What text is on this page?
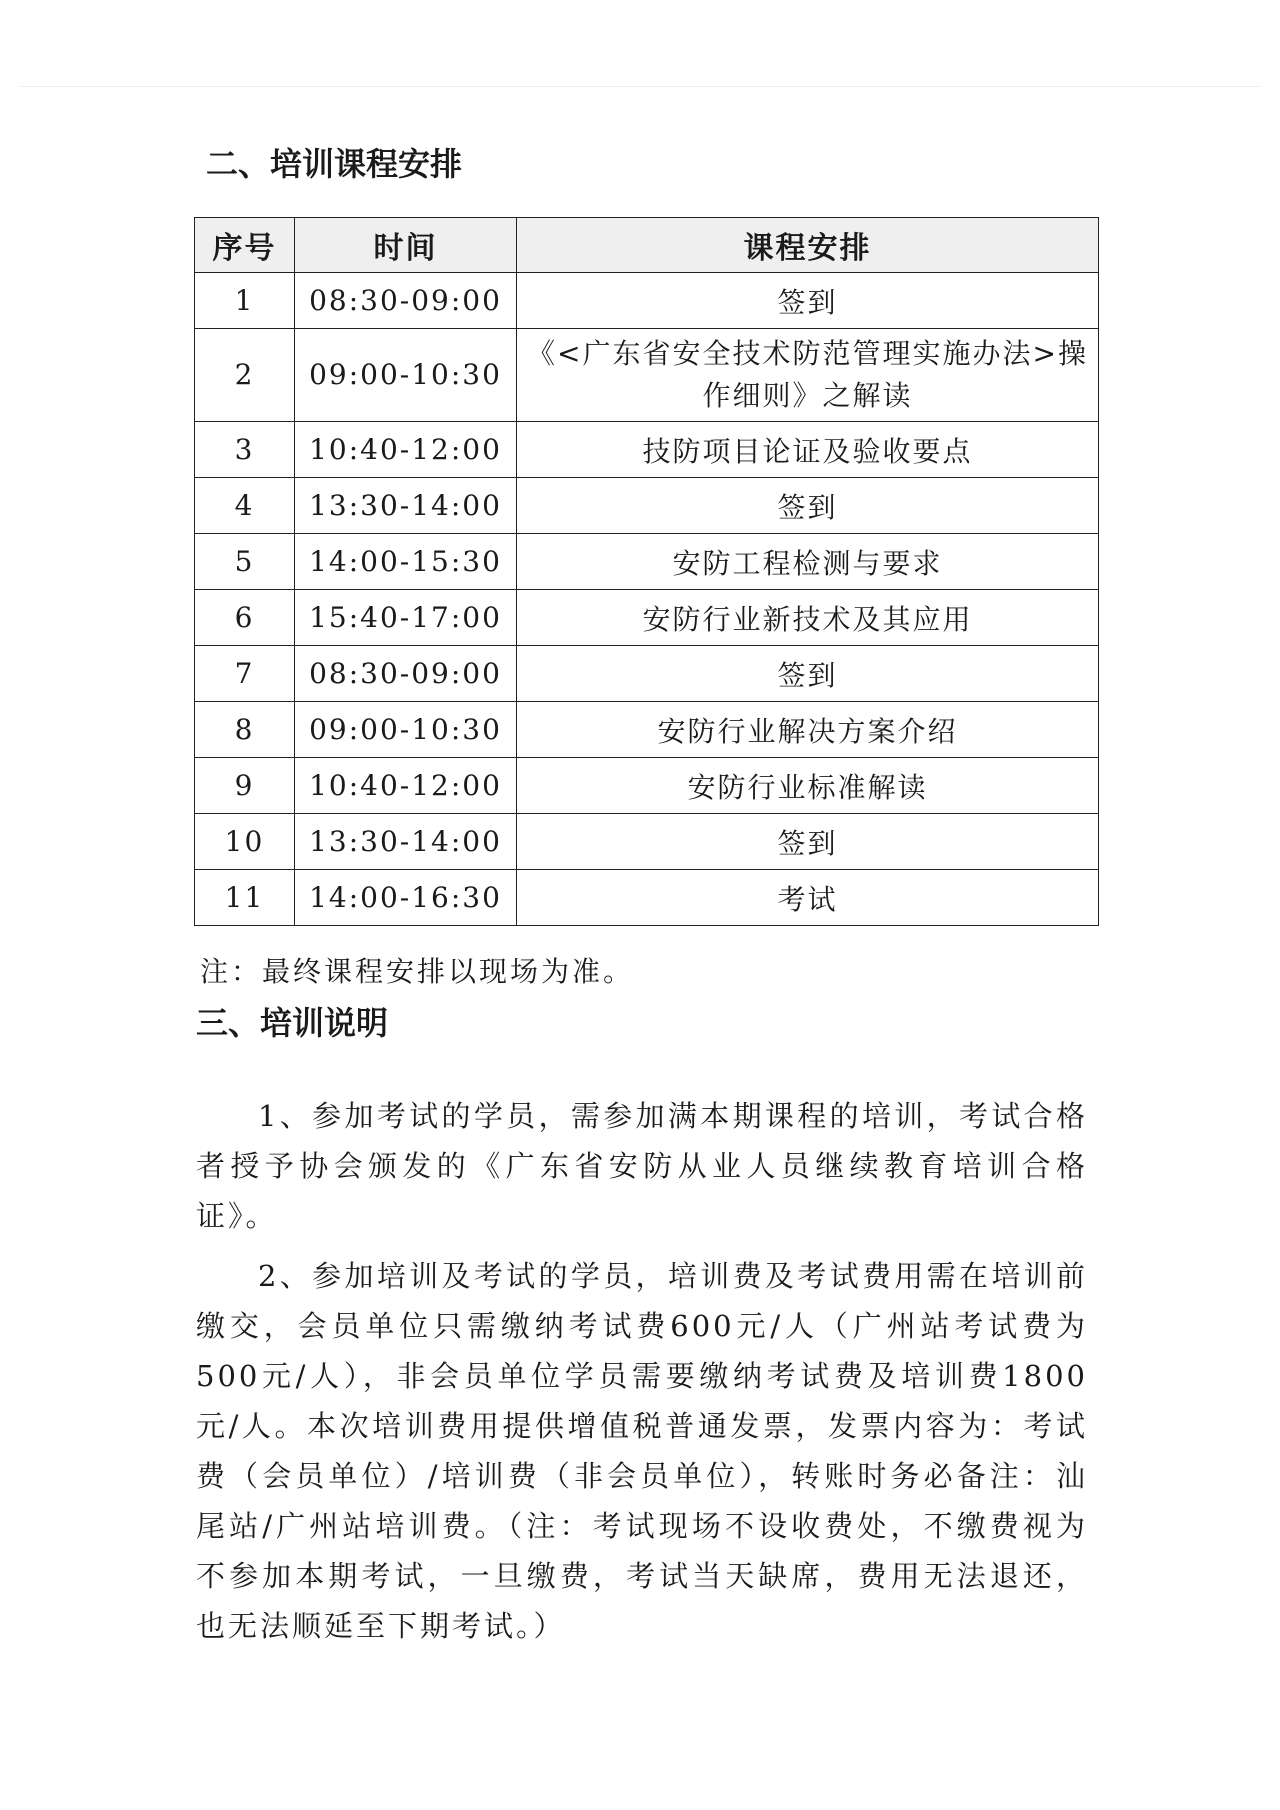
二、培训课程安排
序号	时间	课程安排
1	08:30-09:00	签到
2	09:00-10:30	《<广东省安全技术防范管理实施办法>操作细则》之解读
3	10:40-12:00	技防项目论证及验收要点
4	13:30-14:00	签到
5	14:00-15:30	安防工程检测与要求
6	15:40-17:00	安防行业新技术及其应用
7	08:30-09:00	签到
8	09:00-10:30	安防行业解决方案介绍
9	10:40-12:00	安防行业标准解读
10	13:30-14:00	签到
11	14:00-16:30	考试
注：最终课程安排以现场为准。
三、培训说明

1、参加考试的学员，需参加满本期课程的培训，考试合格者授予协会颁发的《广东省安防从业人员继续教育培训合格证》。

2、参加培训及考试的学员，培训费及考试费用需在培训前缴交，会员单位只需缴纳考试费600元/人（广州站考试费为500元/人），非会员单位学员需要缴纳考试费及培训费1800元/人。本次培训费用提供增值税普通发票，发票内容为：考试费（会员单位）/培训费（非会员单位），转账时务必备注：汕尾站/广州站培训费。（注：考试现场不设收费处，不缴费视为不参加本期考试，一旦缴费，考试当天缺席，费用无法退还，也无法顺延至下期考试。）
